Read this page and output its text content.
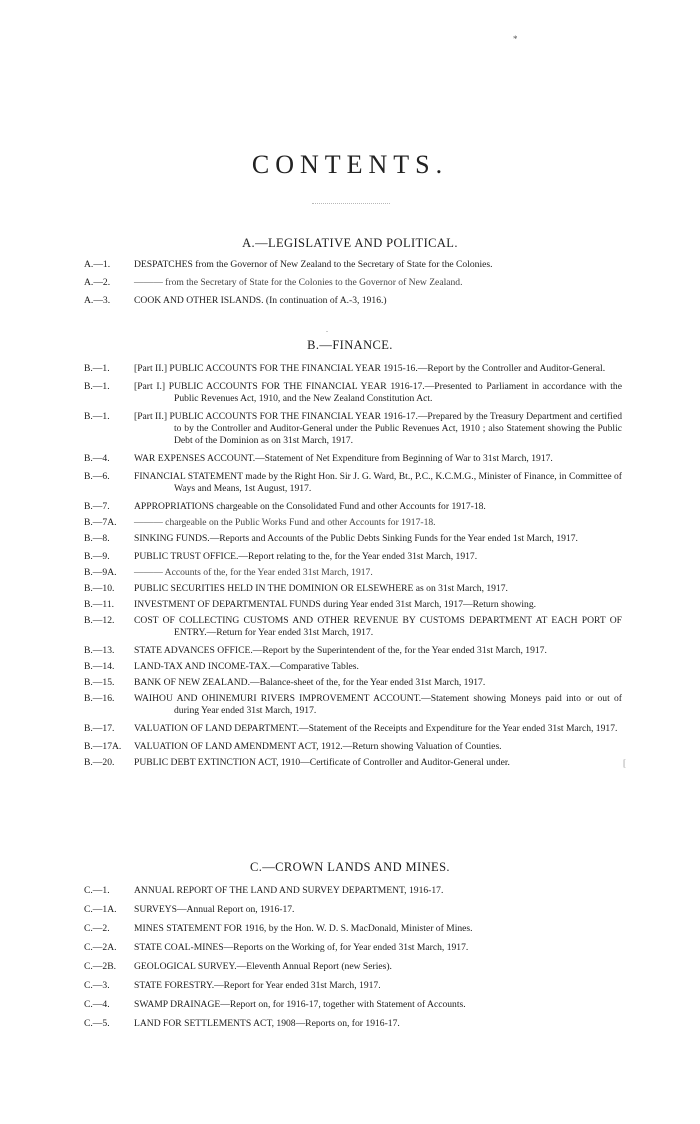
*
CONTENTS.
A.—LEGISLATIVE AND POLITICAL.
A.—1.	DESPATCHES from the Governor of New Zealand to the Secretary of State for the Colonies.
A.—2.	——— from the Secretary of State for the Colonies to the Governor of New Zealand.
A.—3.	COOK AND OTHER ISLANDS. (In continuation of A.-3, 1916.)
.
B.—FINANCE.
B.—1.	[Part II.] PUBLIC ACCOUNTS FOR THE FINANCIAL YEAR 1915-16.—Report by the Controller and Auditor-General.
B.—1.	[Part I.] PUBLIC ACCOUNTS FOR THE FINANCIAL YEAR 1916-17.—Presented to Parliament in accordance with the Public Revenues Act, 1910, and the New Zealand Constitution Act.
B.—1.	[Part II.] PUBLIC ACCOUNTS FOR THE FINANCIAL YEAR 1916-17.—Prepared by the Treasury Department and certified to by the Controller and Auditor-General under the Public Revenues Act, 1910 ; also Statement showing the Public Debt of the Dominion as on 31st March, 1917.
B.—4.	WAR EXPENSES ACCOUNT.—Statement of Net Expenditure from Beginning of War to 31st March, 1917.
B.—6.	FINANCIAL STATEMENT made by the Right Hon. Sir J. G. Ward, Bt., P.C., K.C.M.G., Minister of Finance, in Committee of Ways and Means, 1st August, 1917.
B.—7.	APPROPRIATIONS chargeable on the Consolidated Fund and other Accounts for 1917-18.
B.—7A.	——— chargeable on the Public Works Fund and other Accounts for 1917-18.
B.—8.	SINKING FUNDS.—Reports and Accounts of the Public Debts Sinking Funds for the Year ended 1st March, 1917.
B.—9.	PUBLIC TRUST OFFICE.—Report relating to the, for the Year ended 31st March, 1917.
B.—9A.	——— Accounts of the, for the Year ended 31st March, 1917.
B.—10.	PUBLIC SECURITIES HELD IN THE DOMINION OR ELSEWHERE as on 31st March, 1917.
B.—11.	INVESTMENT OF DEPARTMENTAL FUNDS during Year ended 31st March, 1917—Return showing.
B.—12.	COST OF COLLECTING CUSTOMS AND OTHER REVENUE BY CUSTOMS DEPARTMENT AT EACH PORT OF ENTRY.—Return for Year ended 31st March, 1917.
B.—13.	STATE ADVANCES OFFICE.—Report by the Superintendent of the, for the Year ended 31st March, 1917.
B.—14.	LAND-TAX AND INCOME-TAX.—Comparative Tables.
B.—15.	BANK OF NEW ZEALAND.—Balance-sheet of the, for the Year ended 31st March, 1917.
B.—16.	WAIHOU AND OHINEMURI RIVERS IMPROVEMENT ACCOUNT.—Statement showing Moneys paid into or out of during Year ended 31st March, 1917.
B.—17.	VALUATION OF LAND DEPARTMENT.—Statement of the Receipts and Expenditure for the Year ended 31st March, 1917.
B.—17A.	VALUATION OF LAND AMENDMENT ACT, 1912.—Return showing Valuation of Counties.
B.—20.	PUBLIC DEBT EXTINCTION ACT, 1910—Certificate of Controller and Auditor-General under.	[
C.—CROWN LANDS AND MINES.
C.—1.	ANNUAL REPORT OF THE LAND AND SURVEY DEPARTMENT, 1916-17.
C.—1A.	SURVEYS—Annual Report on, 1916-17.
C.—2.	MINES STATEMENT FOR 1916, by the Hon. W. D. S. MacDonald, Minister of Mines.
C.—2A.	STATE COAL-MINES—Reports on the Working of, for Year ended 31st March, 1917.
C.—2B.	GEOLOGICAL SURVEY.—Eleventh Annual Report (new Series).
C.—3.	STATE FORESTRY.—Report for Year ended 31st March, 1917.
C.—4.	SWAMP DRAINAGE—Report on, for 1916-17, together with Statement of Accounts.
C.—5.	LAND FOR SETTLEMENTS ACT, 1908—Reports on, for 1916-17.
